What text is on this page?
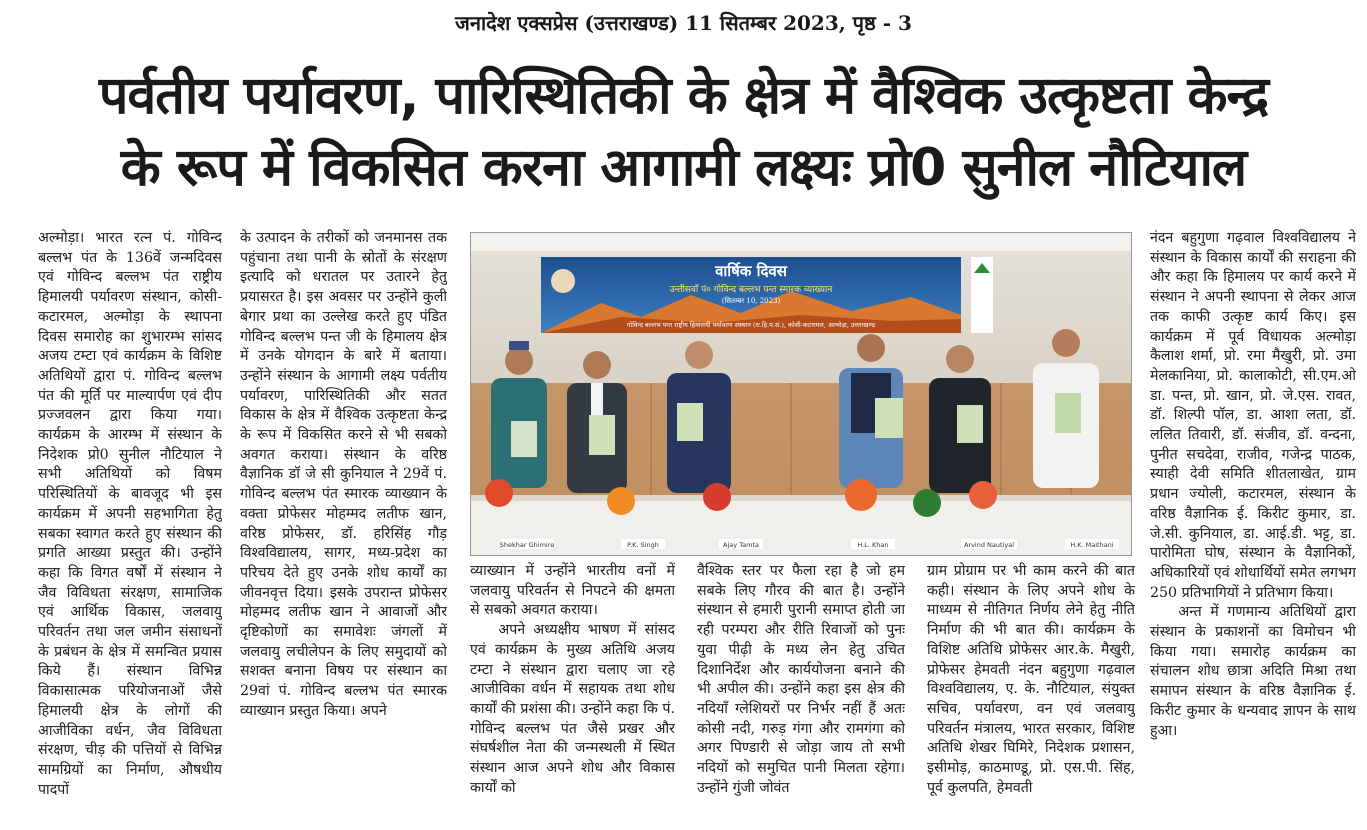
जनादेश एक्सप्रेस (उत्तराखण्ड) 11 सितम्बर 2023, पृष्ठ - 3
पर्वतीय पर्यावरण, पारिस्थितिकी के क्षेत्र में वैश्विक उत्कृष्टता केन्द्र
के रूप में विकसित करना आगामी लक्ष्यः प्रो0 सुनील नौटियाल

अल्मोड़ा। भारत रत्न पं. गोविन्द बल्लभ पंत के 136वें जन्मदिवस एवं गोविन्द बल्लभ पंत राष्ट्रीय हिमालयी पर्यावरण संस्थान, कोसी- कटारमल, अल्मोड़ा के स्थापना दिवस समारोह का शुभारम्भ सांसद अजय टम्टा एवं कार्यक्रम के विशिष्ट अतिथियों द्वारा पं. गोविन्द बल्लभ पंत की मूर्ति पर माल्यार्पण एवं दीप प्रज्जवलन द्वारा किया गया। कार्यक्रम के आरम्भ में संस्थान के निदेशक प्रो0 सुनील नौटियाल ने सभी अतिथियों को विषम परिस्थितियों के बावजूद भी इस कार्यक्रम में अपनी सहभागिता हेतु सबका स्वागत करते हुए संस्थान की प्रगति आख्या प्रस्तुत की। उन्होंने कहा कि विगत वर्षों में संस्थान ने जैव विविधता संरक्षण, सामाजिक एवं आर्थिक विकास, जलवायु परिवर्तन तथा जल जमीन संसाधनों के प्रबंधन के क्षेत्र में समन्वित प्रयास किये हैं। संस्थान विभिन्न विकासात्मक परियोजनाओं जैसे हिमालयी क्षेत्र के लोगों की आजीविका वर्धन, जैव विविधता संरक्षण, चीड़ की पत्तियों से विभिन्न सामग्रियों का निर्माण, औषधीय पादपों

के उत्पादन के तरीकों को जनमानस तक पहुंचाना तथा पानी के स्रोतों के संरक्षण इत्यादि को धरातल पर उतारने हेतु प्रयासरत है। इस अवसर पर उन्होंने कुली बेगार प्रथा का उल्लेख करते हुए पंडित गोविन्द बल्लभ पन्त जी के हिमालय क्षेत्र में उनके योगदान के बारे में बताया। उन्होंने संस्थान के आगामी लक्ष्य पर्वतीय पर्यावरण, पारिस्थितिकी और सतत विकास के क्षेत्र में वैश्विक उत्कृष्टता केन्द्र के रूप में विकसित करने से भी सबको अवगत कराया। संस्थान के वरिष्ठ वैज्ञानिक डॉ जे सी कुनियाल ने 29वें पं. गोविन्द बल्लभ पंत स्मारक व्याख्यान के वक्ता प्रोफेसर मोहम्मद लतीफ खान, वरिष्ठ प्रोफेसर, डॉ. हरिसिंह गौड़ विश्वविद्यालय, सागर, मध्य-प्रदेश का परिचय देते हुए उनके शोध कार्यों का जीवनवृत्त दिया। इसके उपरान्त प्रोफेसर मोहम्मद लतीफ खान ने आवाजों और दृष्टिकोणों का समावेशः जंगलों में जलवायु लचीलेपन के लिए समुदायों को सशक्त बनाना विषय पर संस्थान का 29वां पं. गोविन्द बल्लभ पंत स्मारक व्याख्यान प्रस्तुत किया। अपने

वार्षिक दिवस
उन्तीसवाँ पं० गोविन्द बल्लभ पन्त स्मारक व्याख्यान
(सितम्बर 10, 2023)
गोविन्द बल्लभ पन्त राष्ट्रीय हिमालयी पर्यावरण संस्थान (रा.हि.प.सं.), कोसी-कटारमल, अल्मोड़ा, उत्तराखण्ड
Shekhar Ghimire	P.K. Singh	Ajay Tamta	H.L. Khan	Arvind Nautiyal	H.K. Maithani

व्याख्यान में उन्होंने भारतीय वनों में जलवायु परिवर्तन से निपटने की क्षमता से सबको अवगत कराया।

अपने अध्यक्षीय भाषण में सांसद एवं कार्यक्रम के मुख्य अतिथि अजय टम्टा ने संस्थान द्वारा चलाए जा रहे आजीविका वर्धन में सहायक तथा शोध कार्यों की प्रशंसा की। उन्होंने कहा कि पं. गोविन्द बल्लभ पंत जैसे प्रखर और संघर्षशील नेता की जन्मस्थली में स्थित संस्थान आज अपने शोध और विकास कार्यों को

वैश्विक स्तर पर फैला रहा है जो हम सबके लिए गौरव की बात है। उन्होंने संस्थान से हमारी पुरानी समाप्त होती जा रही परम्परा और रीति रिवाजों को पुनः युवा पीढ़ी के मध्य लेन हेतु उचित दिशानिर्देश और कार्ययोजना बनाने की भी अपील की। उन्होंने कहा इस क्षेत्र की नदियाँ ग्लेशियरों पर निर्भर नहीं हैं अतः कोसी नदी, गरुड़ गंगा और रामगंगा को अगर पिण्डारी से जोड़ा जाय तो सभी नदियों को समुचित पानी मिलता रहेगा। उन्होंने गुंजी जोवंत

ग्राम प्रोग्राम पर भी काम करने की बात कही। संस्थान के लिए अपने शोध के माध्यम से नीतिगत निर्णय लेने हेतु नीति निर्माण की भी बात की। कार्यक्रम के विशिष्ट अतिथि प्रोफेसर आर.के. मैखुरी, प्रोफेसर हेमवती नंदन बहुगुणा गढ़वाल विश्वविद्यालय, ए. के. नौटियाल, संयुक्त सचिव, पर्यावरण, वन एवं जलवायु परिवर्तन मंत्रालय, भारत सरकार, विशिष्ट अतिथि शेखर घिमिरे, निदेशक प्रशासन, इसीमोड़, काठमाण्डू, प्रो. एस.पी. सिंह, पूर्व कुलपति, हेमवती

नंदन बहुगुणा गढ़वाल विश्वविद्यालय ने संस्थान के विकास कार्यों की सराहना की और कहा कि हिमालय पर कार्य करने में संस्थान ने अपनी स्थापना से लेकर आज तक काफी उत्कृष्ट कार्य किए। इस कार्यक्रम में पूर्व विधायक अल्मोड़ा कैलाश शर्मा, प्रो. रमा मैखुरी, प्रो. उमा मेलकानिया, प्रो. कालाकोटी, सी.एम.ओ डा. पन्त, प्रो. खान, प्रो. जे.एस. रावत, डॉ. शिल्पी पॉल, डा. आशा लता, डॉ. ललित तिवारी, डॉ. संजीव, डॉ. वन्दना, पुनीत सचदेवा, राजीव, गजेन्द्र पाठक, स्याही देवी समिति शीतलाखेत, ग्राम प्रधान ज्योली, कटारमल, संस्थान के वरिष्ठ वैज्ञानिक ई. किरीट कुमार, डा. जे.सी. कुनियाल, डा. आई.डी. भट्ट, डा. पारोमिता घोष, संस्थान के वैज्ञानिकों, अधिकारियों एवं शोधार्थियों समेत लगभग 250 प्रतिभागियों ने प्रतिभाग किया।

अन्त में गणमान्य अतिथियों द्वारा संस्थान के प्रकाशनों का विमोचन भी किया गया। समारोह कार्यक्रम का संचालन शोध छात्रा अदिति मिश्रा तथा समापन संस्थान के वरिष्ठ वैज्ञानिक ई. किरीट कुमार के धन्यवाद ज्ञापन के साथ हुआ।
